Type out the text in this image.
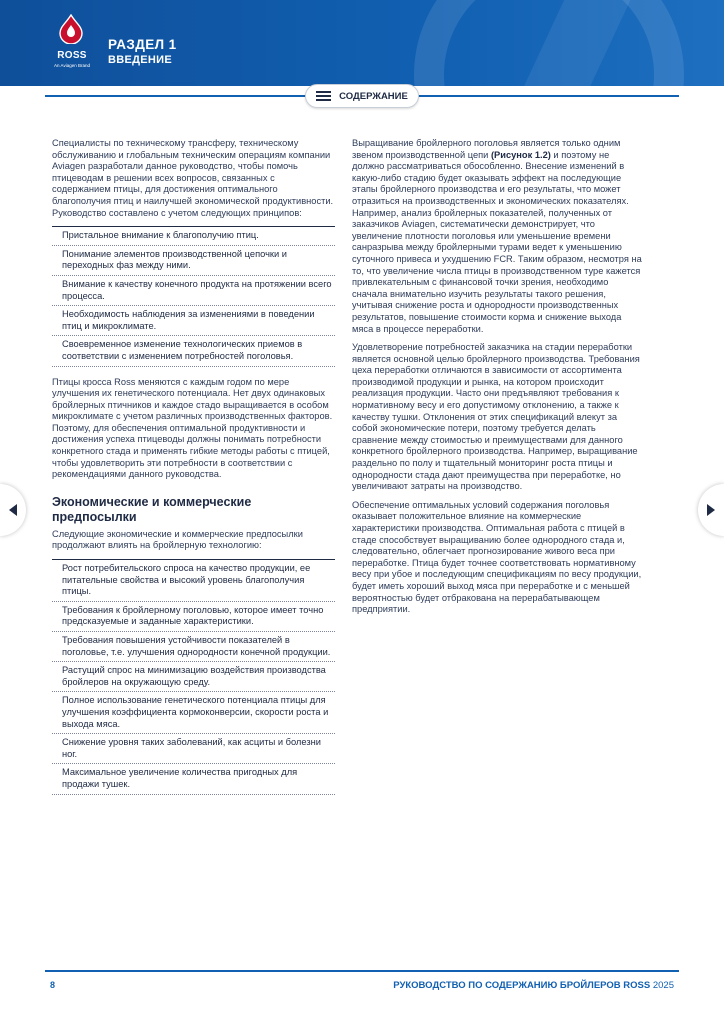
ROSS
An Aviagen Brand
РАЗДЕЛ 1
ВВЕДЕНИЕ
СОДЕРЖАНИЕ

Специалисты по техническому трансферу, техническому обслуживанию и глобальным техническим операциям компании Aviagen разработали данное руководство, чтобы помочь птицеводам в решении всех вопросов, связанных с содержанием птицы, для достижения оптимального благополучия птиц и наилучшей экономической продуктивности. Руководство составлено с учетом следующих принципов:

Пристальное внимание к благополучию птиц.
Понимание элементов производственной цепочки и переходных фаз между ними.
Внимание к качеству конечного продукта на протяжении всего процесса.
Необходимость наблюдения за изменениями в поведении птиц и микроклимате.
Своевременное изменение технологических приемов в соответствии с изменением потребностей поголовья.

Птицы кросса Ross меняются с каждым годом по мере улучшения их генетического потенциала. Нет двух одинаковых бройлерных птичников и каждое стадо выращивается в особом микроклимате с учетом различных производственных факторов. Поэтому, для обеспечения оптимальной продуктивности и достижения успеха птицеводы должны понимать потребности конкретного стада и применять гибкие методы работы с птицей, чтобы удовлетворить эти потребности в соответствии с рекомендациями данного руководства.

Экономические и коммерческие предпосылки

Следующие экономические и коммерческие предпосылки продолжают влиять на бройлерную технологию:

Рост потребительского спроса на качество продукции, ее питательные свойства и высокий уровень благополучия птицы.
Требования к бройлерному поголовью, которое имеет точно предсказуемые и заданные характеристики.
Требования повышения устойчивости показателей в поголовье, т.е. улучшения однородности конечной продукции.
Растущий спрос на минимизацию воздействия производства бройлеров на окружающую среду.
Полное использование генетического потенциала птицы для улучшения коэффициента кормоконверсии, скорости роста и выхода мяса.
Снижение уровня таких заболеваний, как асциты и болезни ног.
Максимальное увеличение количества пригодных для продажи тушек.

Выращивание бройлерного поголовья является только одним звеном производственной цепи (Рисунок 1.2) и поэтому не должно рассматриваться обособленно. Внесение изменений в какую-либо стадию будет оказывать эффект на последующие этапы бройлерного производства и его результаты, что может отразиться на производственных и экономических показателях. Например, анализ бройлерных показателей, полученных от заказчиков Aviagen, систематически демонстрирует, что увеличение плотности поголовья или уменьшение времени санразрыва между бройлерными турами ведет к уменьшению суточного привеса и ухудшению FCR. Таким образом, несмотря на то, что увеличение числа птицы в производственном туре кажется привлекательным с финансовой точки зрения, необходимо сначала внимательно изучить результаты такого решения, учитывая снижение роста и однородности производственных результатов, повышение стоимости корма и снижение выхода мяса в процессе переработки.

Удовлетворение потребностей заказчика на стадии переработки является основной целью бройлерного производства. Требования цеха переработки отличаются в зависимости от ассортимента производимой продукции и рынка, на котором происходит реализация продукции. Часто они предъявляют требования к нормативному весу и его допустимому отклонению, а также к качеству тушки. Отклонения от этих спецификаций влекут за собой экономические потери, поэтому требуется делать сравнение между стоимостью и преимуществами для данного конкретного бройлерного производства. Например, выращивание раздельно по полу и тщательный мониторинг роста птицы и однородности стада дают преимущества при переработке, но увеличивают затраты на производство.

Обеспечение оптимальных условий содержания поголовья оказывает положительное влияние на коммерческие характеристики производства. Оптимальная работа с птицей в стаде способствует выращиванию более однородного стада и, следовательно, облегчает прогнозирование живого веса при переработке. Птица будет точнее соответствовать нормативному весу при убое и последующим спецификациям по весу продукции, будет иметь хороший выход мяса при переработке и с меньшей вероятностью будет отбракована на перерабатывающем предприятии.

8	РУКОВОДСТВО ПО СОДЕРЖАНИЮ БРОЙЛЕРОВ ROSS 2025
